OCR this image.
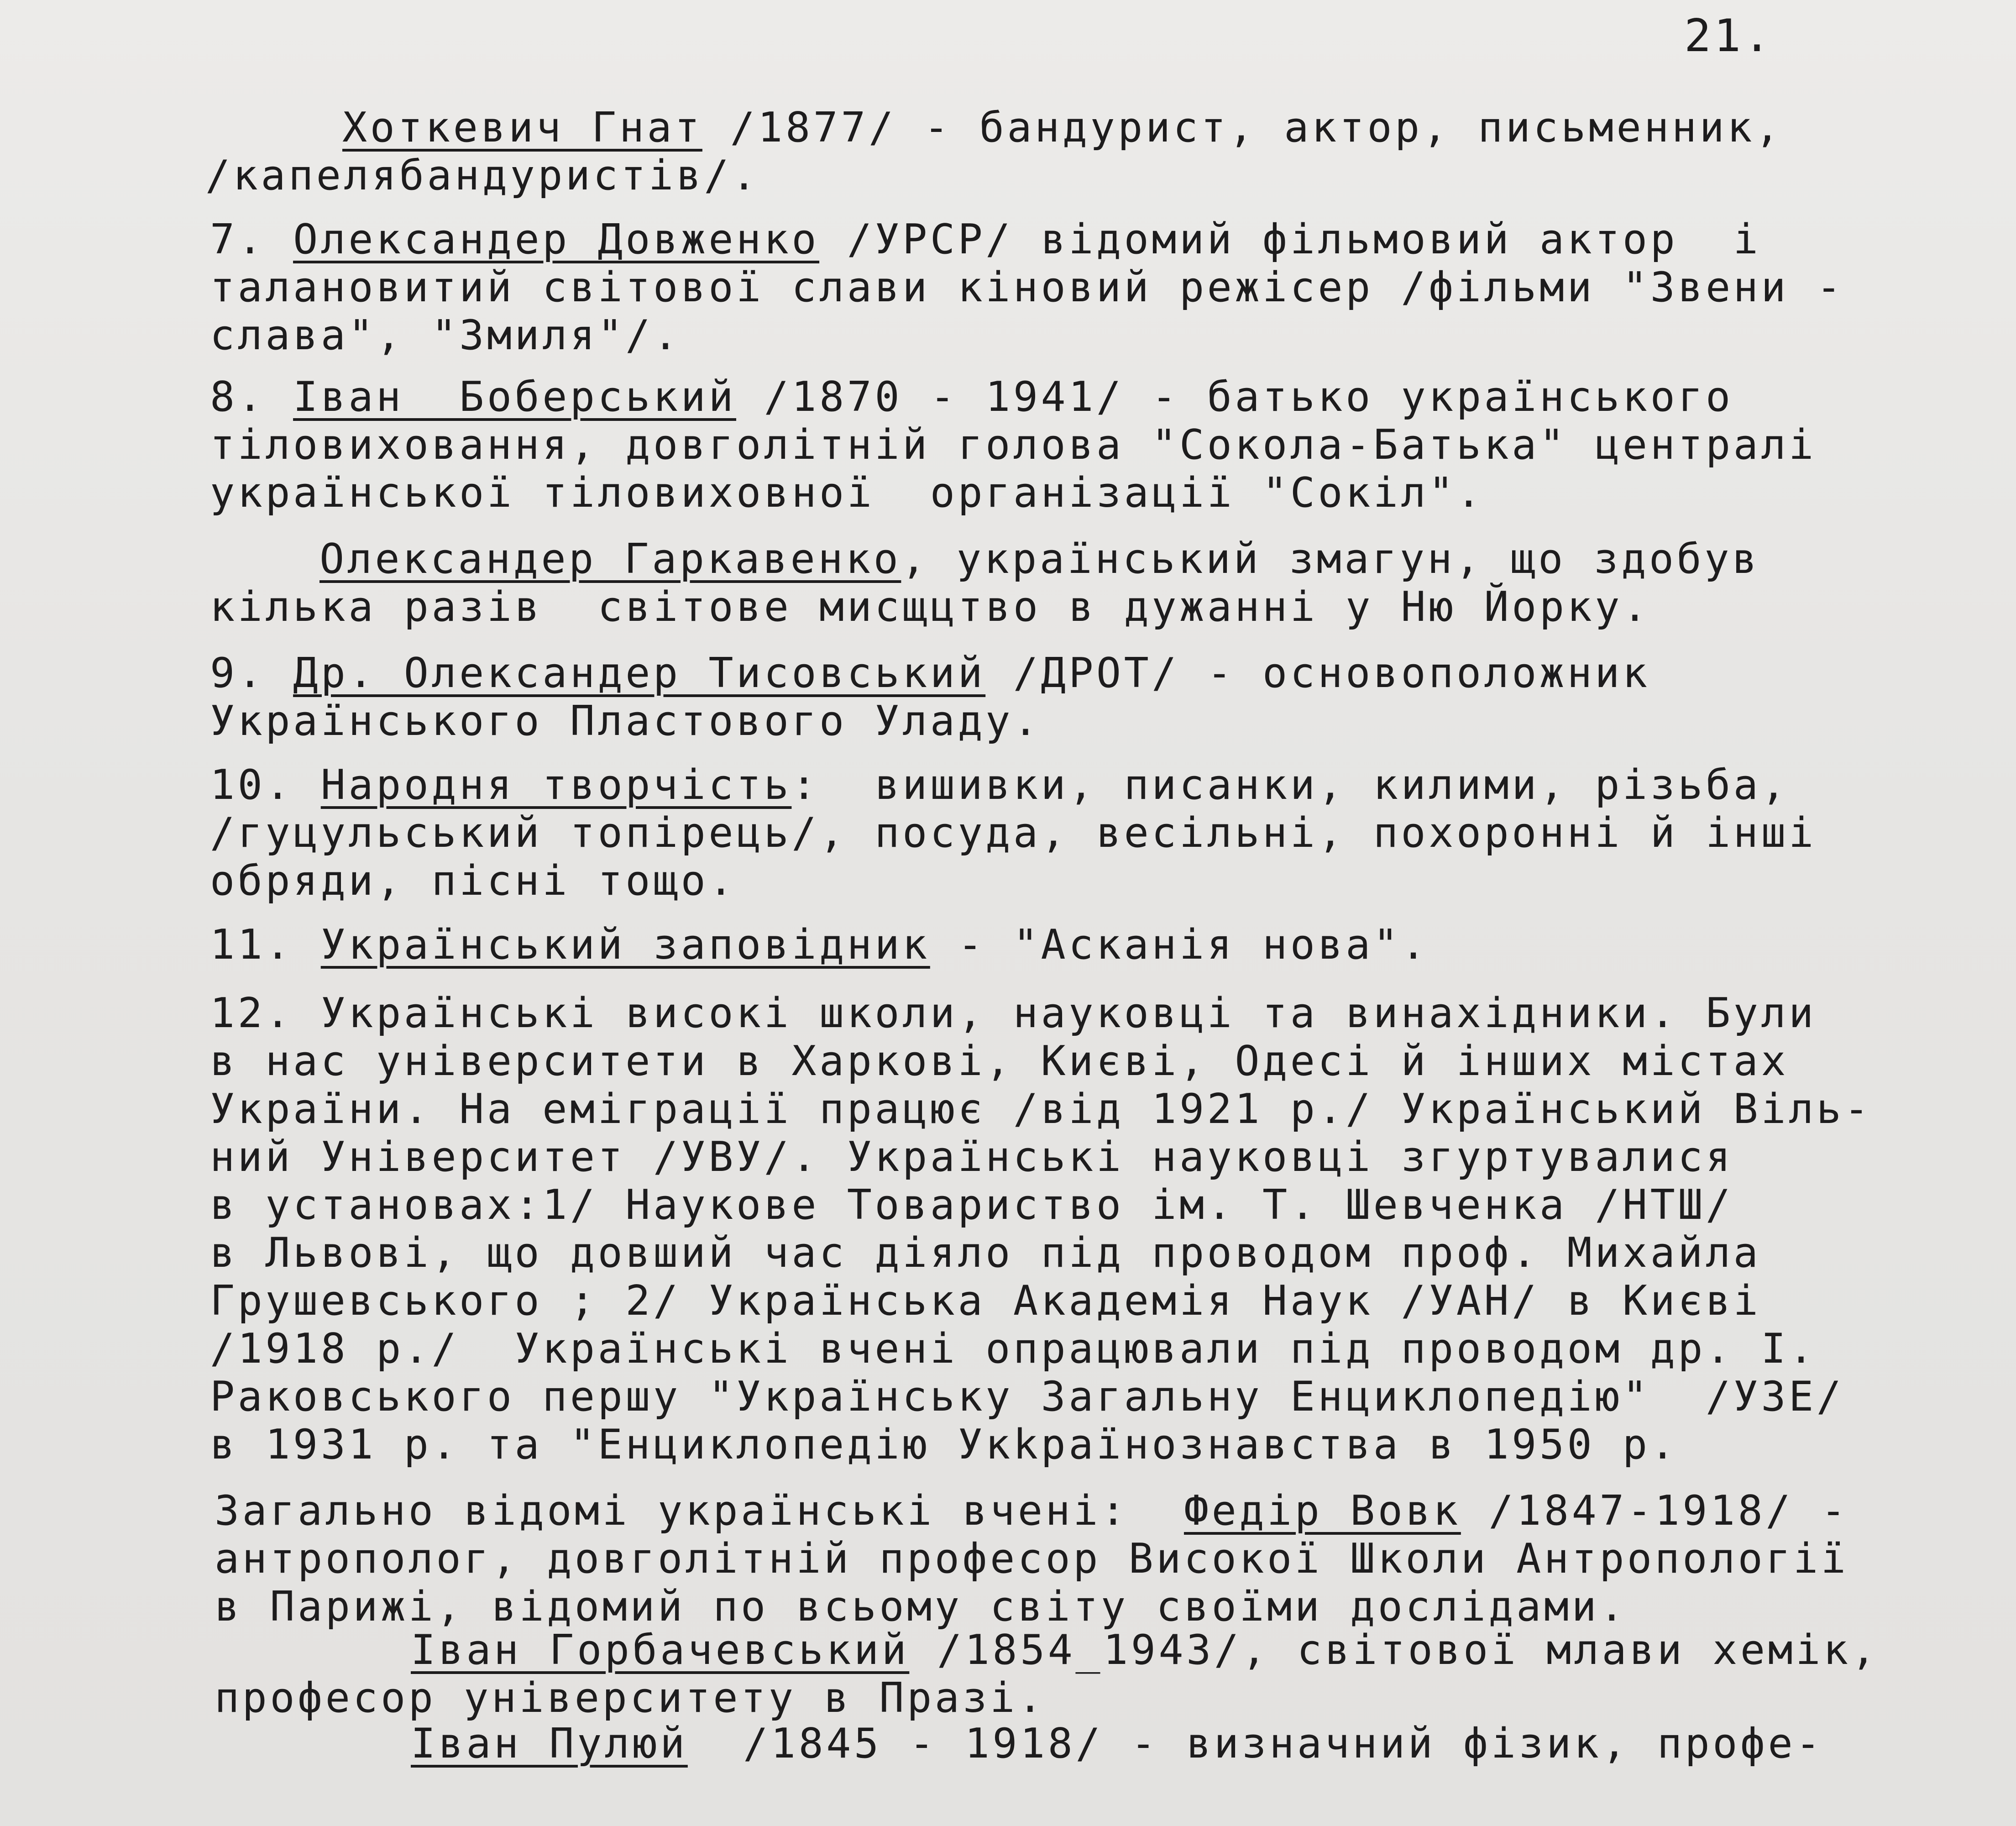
21.
Хоткевич Гнат /1877/ - бандурист, актор, письменник,
/капелябандуристів/.
7. Олександер Довженко /УРСР/ відомий фільмовий актор  і
талановитий світової слави кіновий режісер /фільми "Звени -
слава", "Змиля"/.
8. Іван  Боберський /1870 - 1941/ - батько українського
тіловиховання, довголітній голова "Сокола-Батька" централі
української тіловиховної  організації "Сокіл".
Олександер Гаркавенко, український змагун, що здобув
кілька разів  світове мисщцтво в дужанні у Ню Йорку.
9. Др. Олександер Тисовський /ДРОТ/ - основоположник
Українського Пластового Уладу.
10. Народня творчість:  вишивки, писанки, килими, різьба,
/гуцульський топірець/, посуда, весільні, похоронні й інші
обряди, пісні тощо.
11. Український заповідник - "Асканія нова".
12. Українські високі школи, науковці та винахідники. Були
в нас університети в Харкові, Києві, Одесі й інших містах
України. На еміграції працює /від 1921 р./ Український Віль-
ний Університет /УВУ/. Українські науковці згуртувалися
в установах:1/ Наукове Товариство ім. Т. Шевченка /НТШ/
в Львові, що довший час діяло під проводом проф. Михайла
Грушевського ; 2/ Українська Академія Наук /УАН/ в Києві
/1918 р./  Українські вчені опрацювали під проводом др. І.
Раковського першу "Українську Загальну Енциклопедію"  /УЗЕ/
в 1931 р. та "Енциклопедію Укkраїнознавства в 1950 р.
Загально відомі українські вчені:  Федір Вовк /1847-1918/ -
антрополог, довголітній професор Високої Школи Антропології
в Парижі, відомий по всьому світу своїми дослідами.
Іван Горбачевський /1854_1943/, світової млави хемік,
професор університету в Празі.
Іван Пулюй  /1845 - 1918/ - визначний фізик, профе-
